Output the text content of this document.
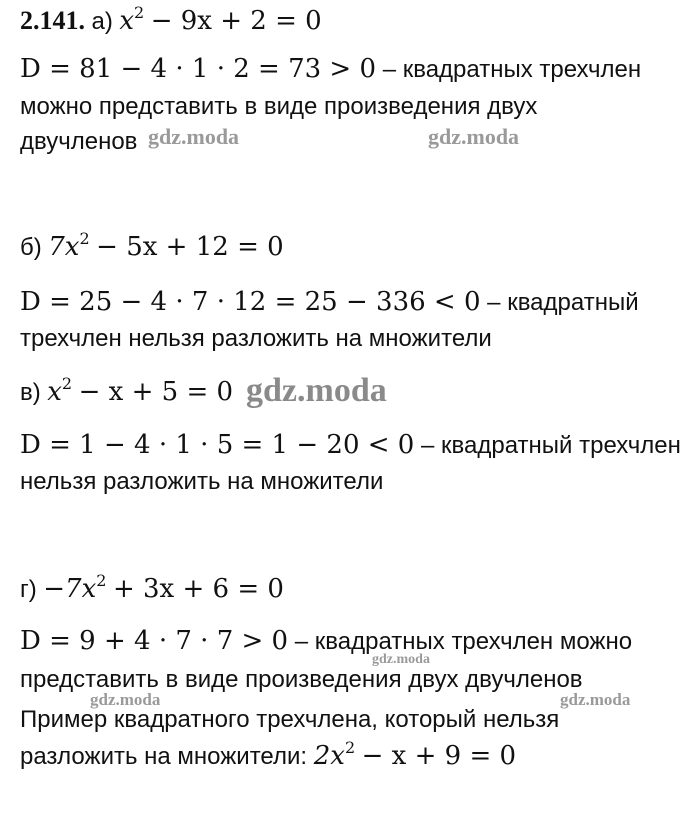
gdz.moda	gdz.moda
gdz.moda
gdz.moda
gdz.moda	gdz.moda
2.141. а) $x^2 - 9x + 2 = 0$
D = 81 − 4 · 1 · 2 = 73 > 0 – квадратных трехчлен
можно представить в виде произведения двух
двучленов
б) $7x^2 - 5x + 12 = 0$
D = 25 − 4 · 7 · 12 = 25 − 336 < 0 – квадратный
трехчлен нельзя разложить на множители
в) $x^2 - x + 5 = 0$
D = 1 − 4 · 1 · 5 = 1 − 20 < 0 – квадратный трехчлен
нельзя разложить на множители
$г) -7x^2 + 3x + 6 = 0$
D = 9 + 4 · 7 · 7 > 0 – квадратных трехчлен можно
представить в виде произведения двух двучленов
Пример квадратного трехчлена, который нельзя
разложить на множители: $2x^2 - x + 9 = 0$
